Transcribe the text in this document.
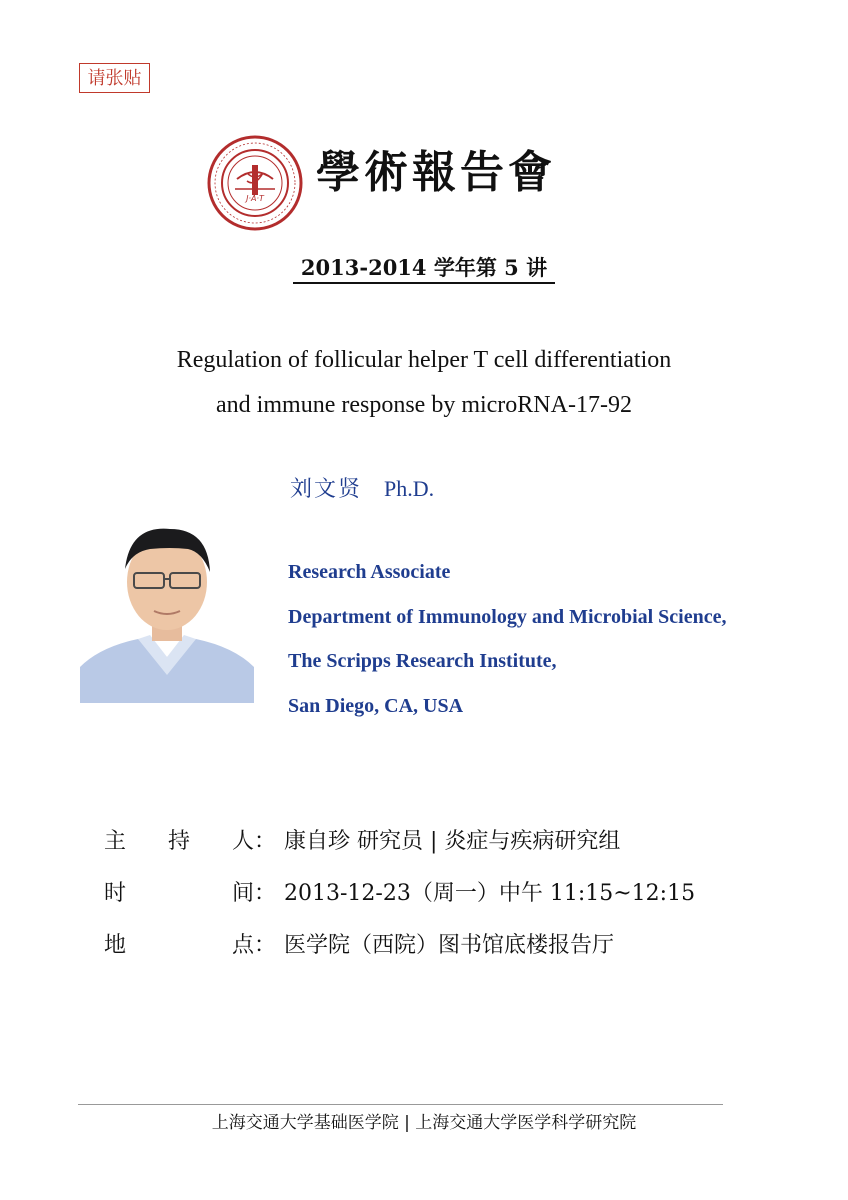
请张贴
J·A·T
學術報告會
2013-2014 学年第 5 讲
Regulation of follicular helper T cell differentiation
and immune response by microRNA-17-92
刘文贤 Ph.D.
Research Associate
Department of Immunology and Microbial Science,
The Scripps Research Institute,
San Diego, CA, USA
主 持 人 ： 康自珍 研究员 | 炎症与疾病研究组
时	间 ： 2013-12-23（周一）中午 11:15~12:15
地	点 ： 医学院（西院）图书馆底楼报告厅
上海交通大学基础医学院 | 上海交通大学医学科学研究院
